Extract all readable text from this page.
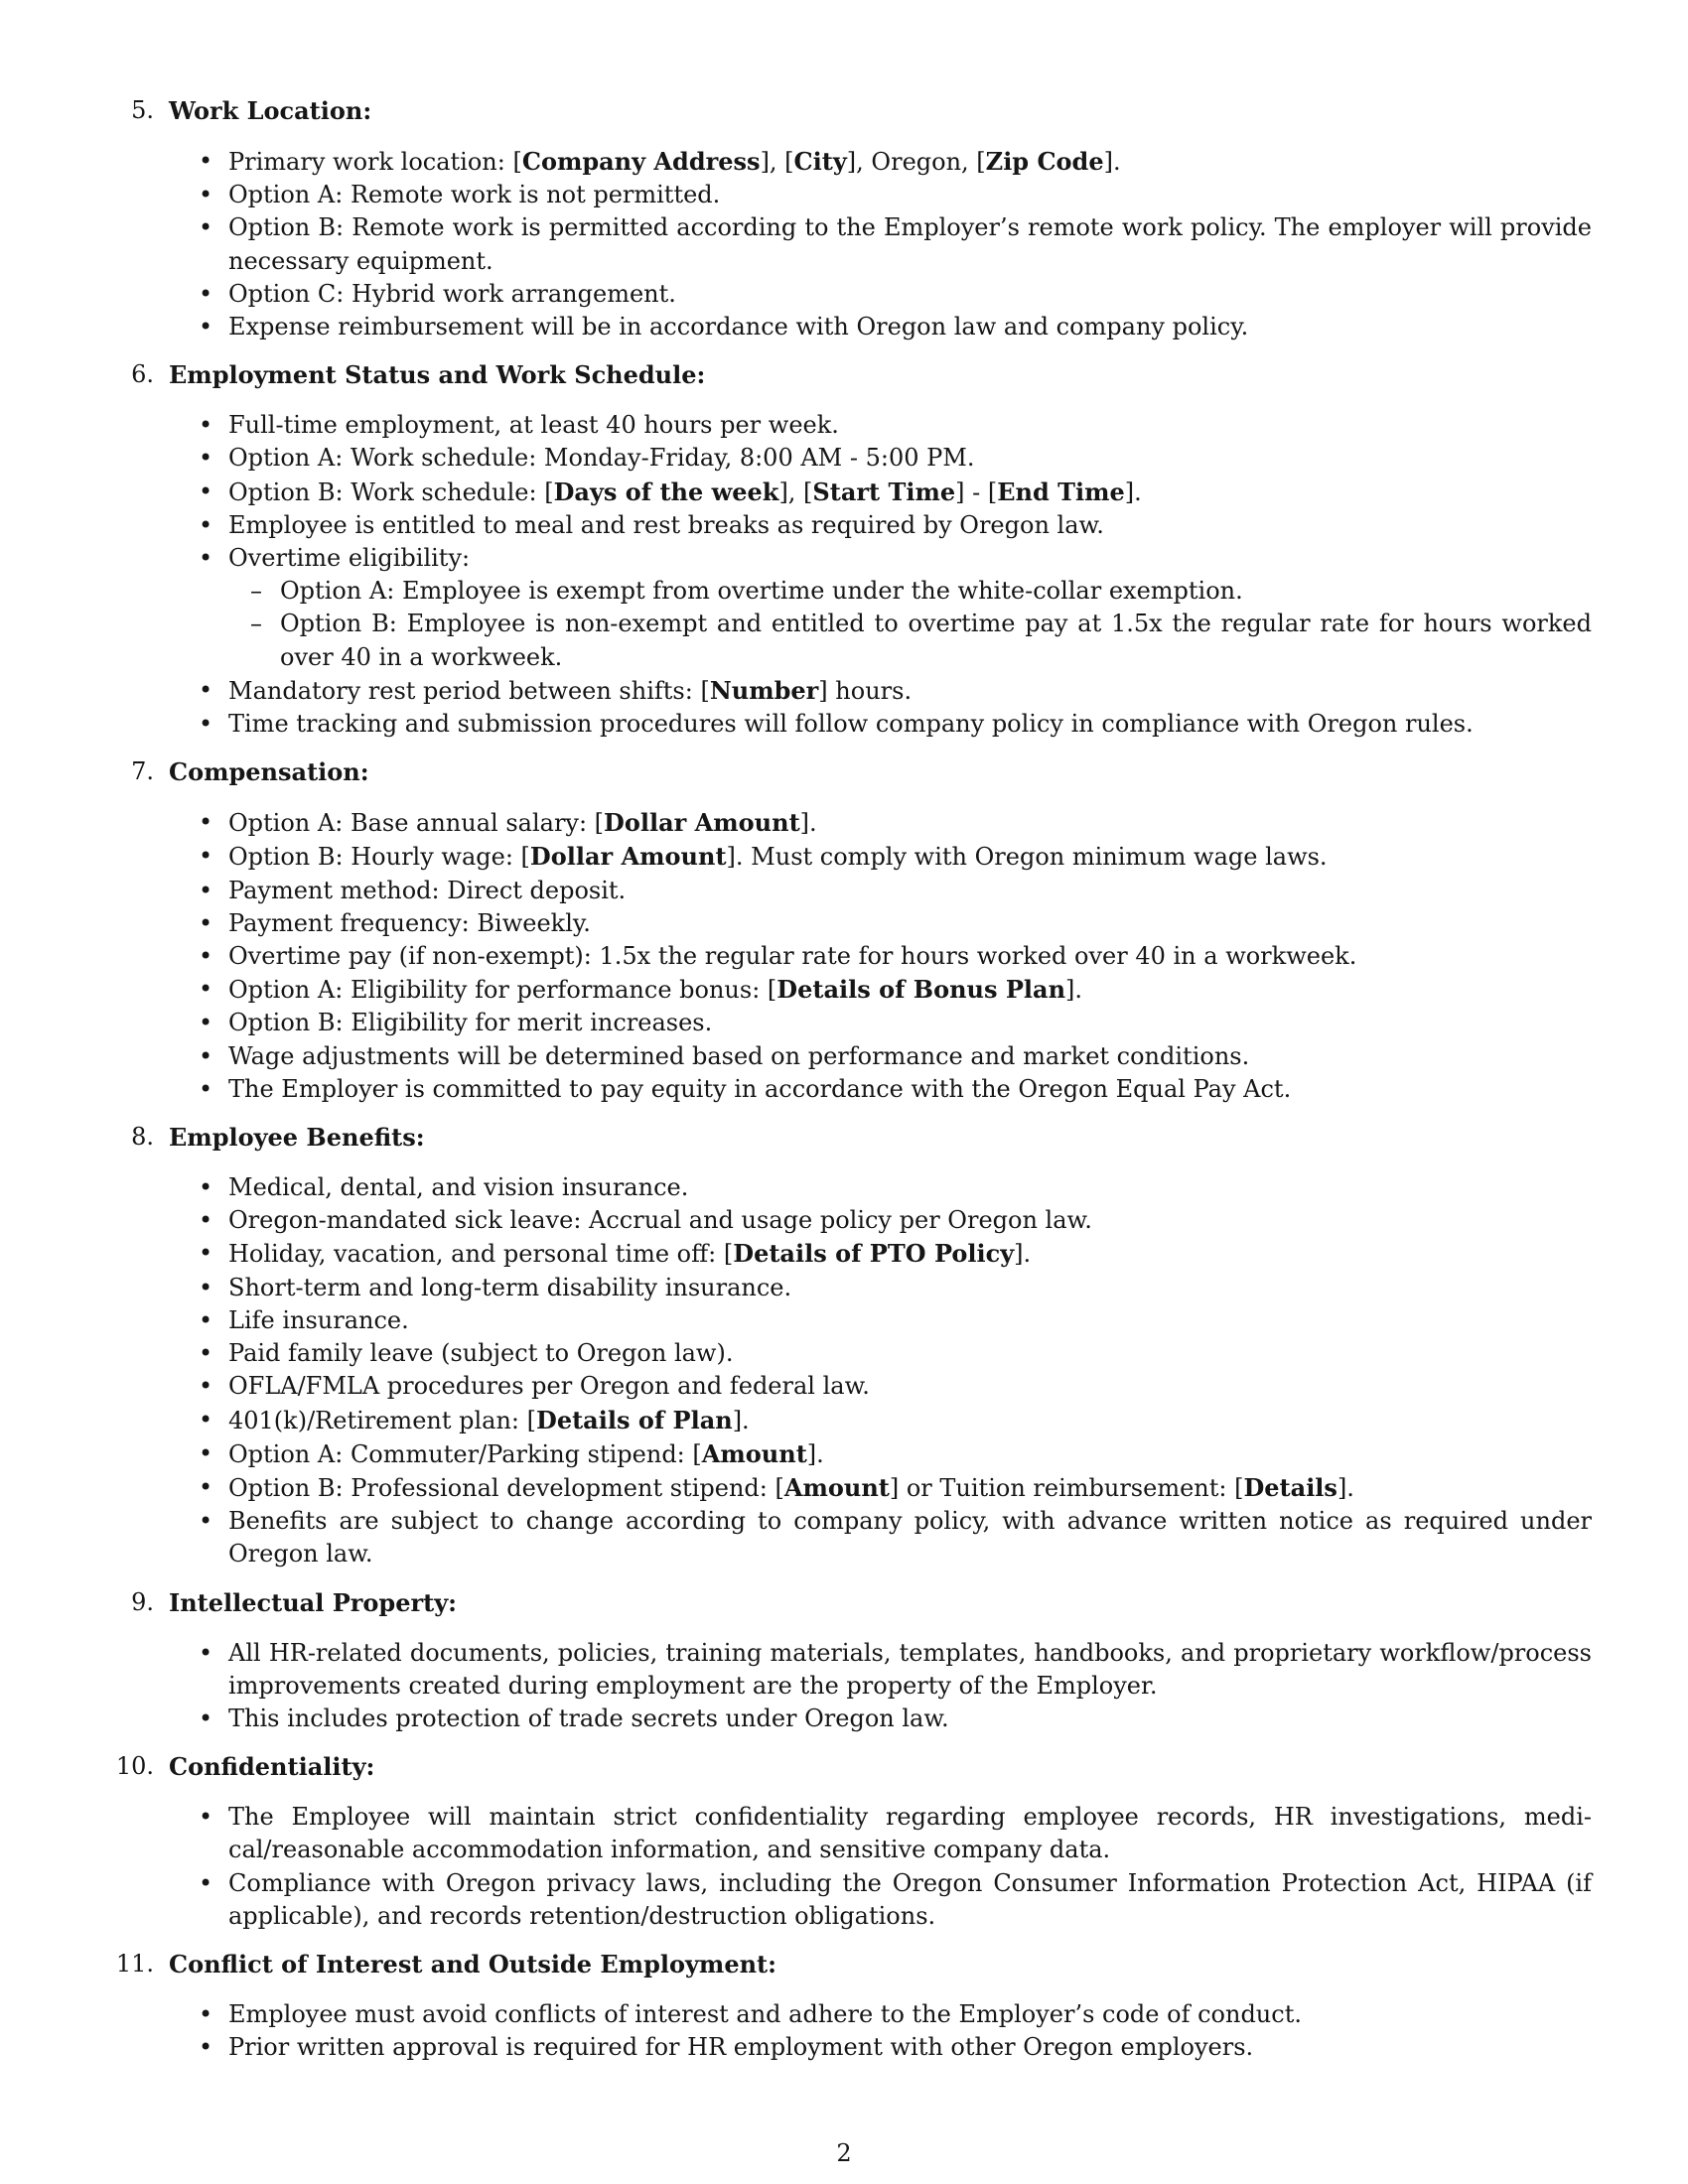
5. Work Location:
• Primary work location: [Company Address], [City], Oregon, [Zip Code].
• Option A: Remote work is not permitted.
• Option B: Remote work is permitted according to the Employer’s remote work policy. The employer will provide necessary equipment.
• Option C: Hybrid work arrangement.
• Expense reimbursement will be in accordance with Oregon law and company policy.
6. Employment Status and Work Schedule:
• Full-time employment, at least 40 hours per week.
• Option A: Work schedule: Monday-Friday, 8:00 AM - 5:00 PM.
• Option B: Work schedule: [Days of the week], [Start Time] - [End Time].
• Employee is entitled to meal and rest breaks as required by Oregon law.
• Overtime eligibility:
– Option A: Employee is exempt from overtime under the white-collar exemption.
– Option B: Employee is non-exempt and entitled to overtime pay at 1.5x the regular rate for hours worked over 40 in a workweek.
• Mandatory rest period between shifts: [Number] hours.
• Time tracking and submission procedures will follow company policy in compliance with Oregon rules.
7. Compensation:
• Option A: Base annual salary: [Dollar Amount].
• Option B: Hourly wage: [Dollar Amount]. Must comply with Oregon minimum wage laws.
• Payment method: Direct deposit.
• Payment frequency: Biweekly.
• Overtime pay (if non-exempt): 1.5x the regular rate for hours worked over 40 in a workweek.
• Option A: Eligibility for performance bonus: [Details of Bonus Plan].
• Option B: Eligibility for merit increases.
• Wage adjustments will be determined based on performance and market conditions.
• The Employer is committed to pay equity in accordance with the Oregon Equal Pay Act.
8. Employee Benefits:
• Medical, dental, and vision insurance.
• Oregon-mandated sick leave: Accrual and usage policy per Oregon law.
• Holiday, vacation, and personal time off: [Details of PTO Policy].
• Short-term and long-term disability insurance.
• Life insurance.
• Paid family leave (subject to Oregon law).
• OFLA/FMLA procedures per Oregon and federal law.
• 401(k)/Retirement plan: [Details of Plan].
• Option A: Commuter/Parking stipend: [Amount].
• Option B: Professional development stipend: [Amount] or Tuition reimbursement: [Details].
• Benefits are subject to change according to company policy, with advance written notice as required under Oregon law.
9. Intellectual Property:
• All HR-related documents, policies, training materials, templates, handbooks, and proprietary workflow/process improvements created during employment are the property of the Employer.
• This includes protection of trade secrets under Oregon law.
10. Confidentiality:
• The Employee will maintain strict confidentiality regarding employee records, HR investigations, medi-cal/reasonable accommodation information, and sensitive company data.
• Compliance with Oregon privacy laws, including the Oregon Consumer Information Protection Act, HIPAA (if applicable), and records retention/destruction obligations.
11. Conflict of Interest and Outside Employment:
• Employee must avoid conflicts of interest and adhere to the Employer’s code of conduct.
• Prior written approval is required for HR employment with other Oregon employers.
2
